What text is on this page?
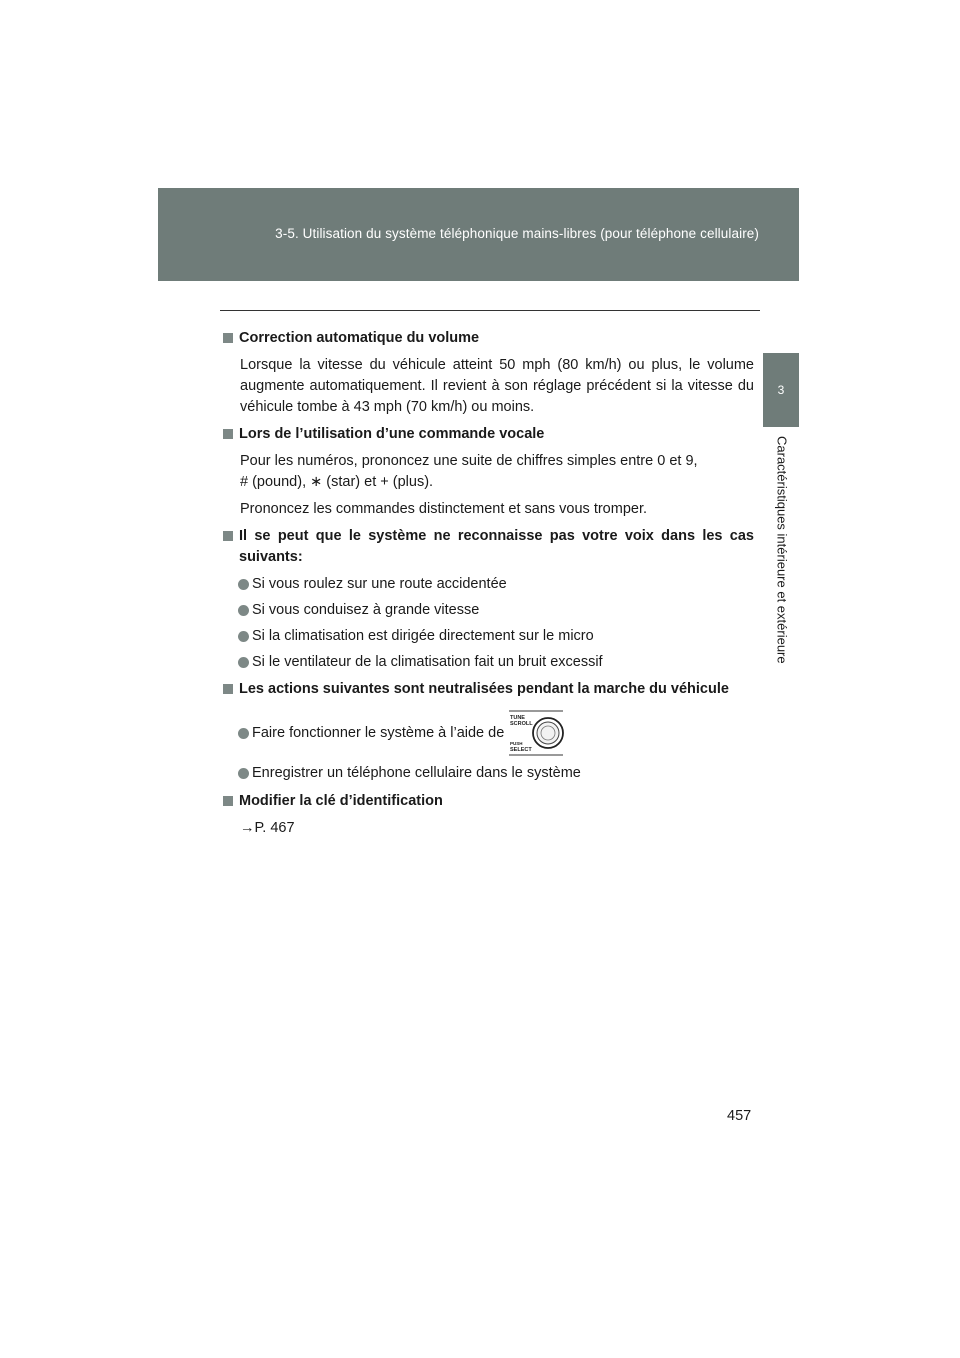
3-5. Utilisation du système téléphonique mains-libres (pour téléphone cellulaire)
3
Caractéristiques intérieure et extérieure
Correction automatique du volume
Lorsque la vitesse du véhicule atteint 50 mph (80 km/h) ou plus, le volume augmente automatiquement. Il revient à son réglage précédent si la vitesse du véhicule tombe à 43 mph (70 km/h) ou moins.
Lors de l’utilisation d’une commande vocale
Pour les numéros, prononcez une suite de chiffres simples entre 0 et 9,
# (pound), ∗ (star) et + (plus).
Prononcez les commandes distinctement et sans vous tromper.
Il se peut que le système ne reconnaisse pas votre voix dans les cas suivants:
Si vous roulez sur une route accidentée
Si vous conduisez à grande vitesse
Si la climatisation est dirigée directement sur le micro
Si le ventilateur de la climatisation fait un bruit excessif
Les actions suivantes sont neutralisées pendant la marche du véhicule
Faire fonctionner le système à l’aide de
TUNE
SCROLL
PUSH
SELECT
Enregistrer un téléphone cellulaire dans le système
Modifier la clé d’identification
→P. 467
457
